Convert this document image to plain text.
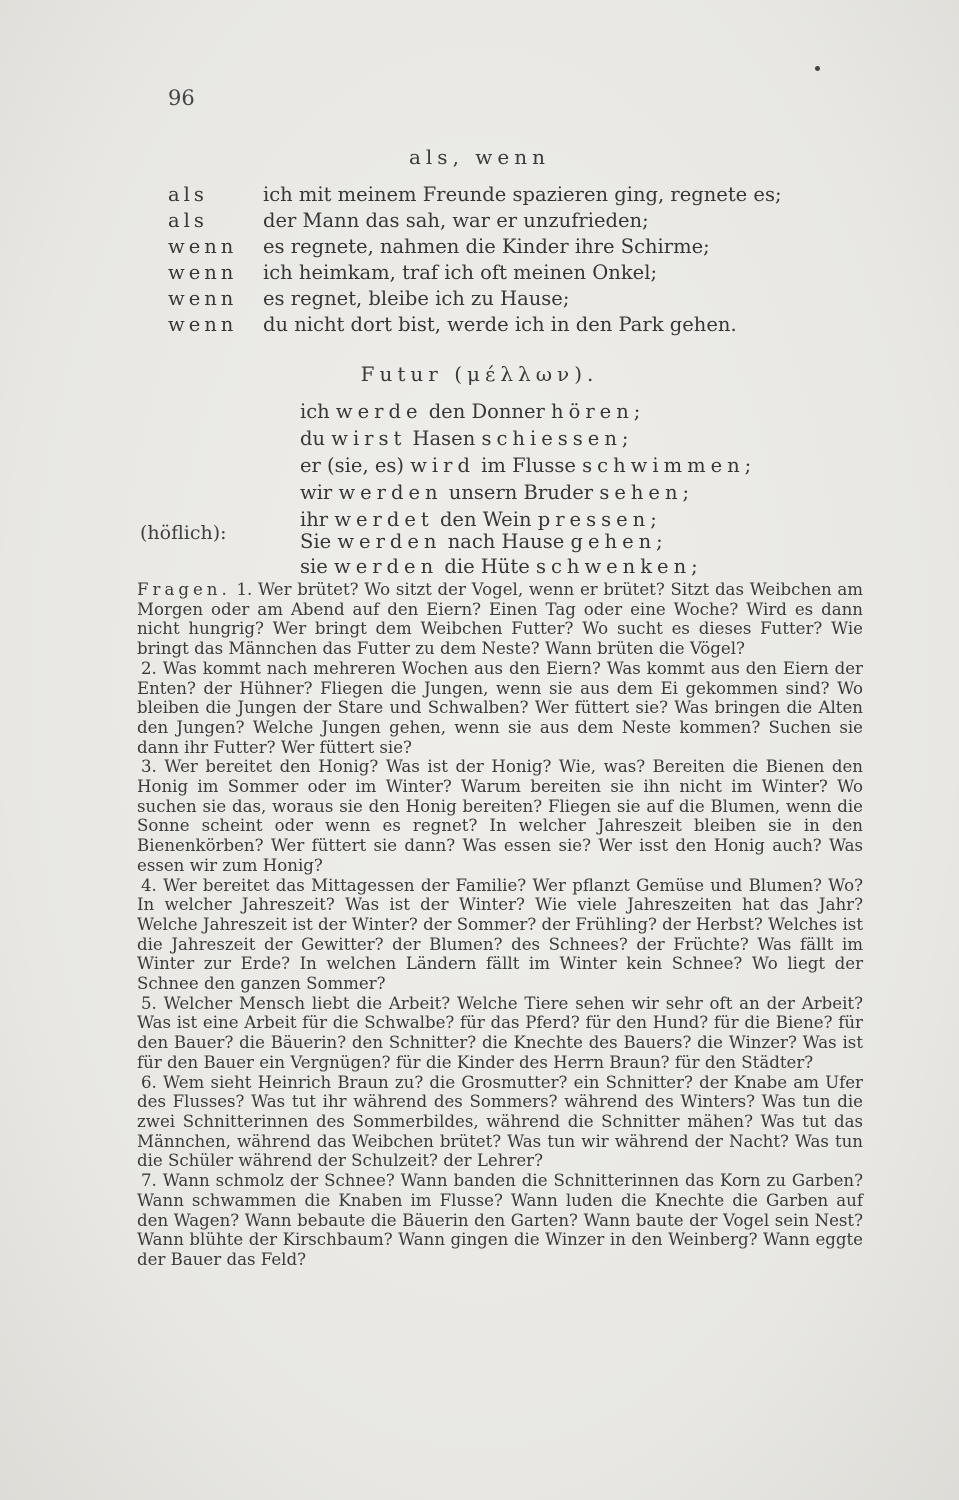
96
als, wenn
als	ich mit meinem Freunde spazieren ging, regnete es;
als	der Mann das sah, war er unzufrieden;
wenn es regnete, nahmen die Kinder ihre Schirme;
wenn ich heimkam, traf ich oft meinen Onkel;
wenn es regnet, bleibe ich zu Hause;
wenn du nicht dort bist, werde ich in den Park gehen.
Futur (μέλλων).
ich werde den Donner hören;
du wirst Hasen schiessen;
er (sie, es) wird im Flusse schwimmen;
wir werden unsern Bruder sehen;
ihr werdet den Wein pressen;
Sie werden nach Hause gehen;
sie werden die Hüte schwenken;
(höflich):

Fragen. 1. Wer brütet? Wo sitzt der Vogel, wenn er brütet? Sitzt das Weibchen am Morgen oder am Abend auf den Eiern? Einen Tag oder eine Woche? Wird es dann nicht hungrig? Wer bringt dem Weibchen Futter? Wo sucht es dieses Futter? Wie bringt das Männchen das Futter zu dem Neste? Wann brüten die Vögel?

2. Was kommt nach mehreren Wochen aus den Eiern? Was kommt aus den Eiern der Enten? der Hühner? Fliegen die Jungen, wenn sie aus dem Ei gekommen sind? Wo bleiben die Jungen der Stare und Schwalben? Wer füttert sie? Was bringen die Alten den Jungen? Welche Jungen gehen, wenn sie aus dem Neste kommen? Suchen sie dann ihr Futter? Wer füttert sie?

3. Wer bereitet den Honig? Was ist der Honig? Wie, was? Bereiten die Bienen den Honig im Sommer oder im Winter? Warum bereiten sie ihn nicht im Winter? Wo suchen sie das, woraus sie den Honig bereiten? Fliegen sie auf die Blumen, wenn die Sonne scheint oder wenn es regnet? In welcher Jahreszeit bleiben sie in den Bienenkörben? Wer füttert sie dann? Was essen sie? Wer isst den Honig auch? Was essen wir zum Honig?

4. Wer bereitet das Mittagessen der Familie? Wer pflanzt Gemüse und Blumen? Wo? In welcher Jahreszeit? Was ist der Winter? Wie viele Jahreszeiten hat das Jahr? Welche Jahreszeit ist der Winter? der Sommer? der Frühling? der Herbst? Welches ist die Jahreszeit der Gewitter? der Blumen? des Schnees? der Früchte? Was fällt im Winter zur Erde? In welchen Ländern fällt im Winter kein Schnee? Wo liegt der Schnee den ganzen Sommer?

5. Welcher Mensch liebt die Arbeit? Welche Tiere sehen wir sehr oft an der Arbeit? Was ist eine Arbeit für die Schwalbe? für das Pferd? für den Hund? für die Biene? für den Bauer? die Bäuerin? den Schnitter? die Knechte des Bauers? die Winzer? Was ist für den Bauer ein Vergnügen? für die Kinder des Herrn Braun? für den Städter?

6. Wem sieht Heinrich Braun zu? die Grosmutter? ein Schnitter? der Knabe am Ufer des Flusses? Was tut ihr während des Sommers? während des Winters? Was tun die zwei Schnitterinnen des Sommerbildes, während die Schnitter mähen? Was tut das Männchen, während das Weibchen brütet? Was tun wir während der Nacht? Was tun die Schüler während der Schulzeit? der Lehrer?

7. Wann schmolz der Schnee? Wann banden die Schnitterinnen das Korn zu Garben? Wann schwammen die Knaben im Flusse? Wann luden die Knechte die Garben auf den Wagen? Wann bebaute die Bäuerin den Garten? Wann baute der Vogel sein Nest? Wann blühte der Kirschbaum? Wann gingen die Winzer in den Weinberg? Wann eggte der Bauer das Feld?
